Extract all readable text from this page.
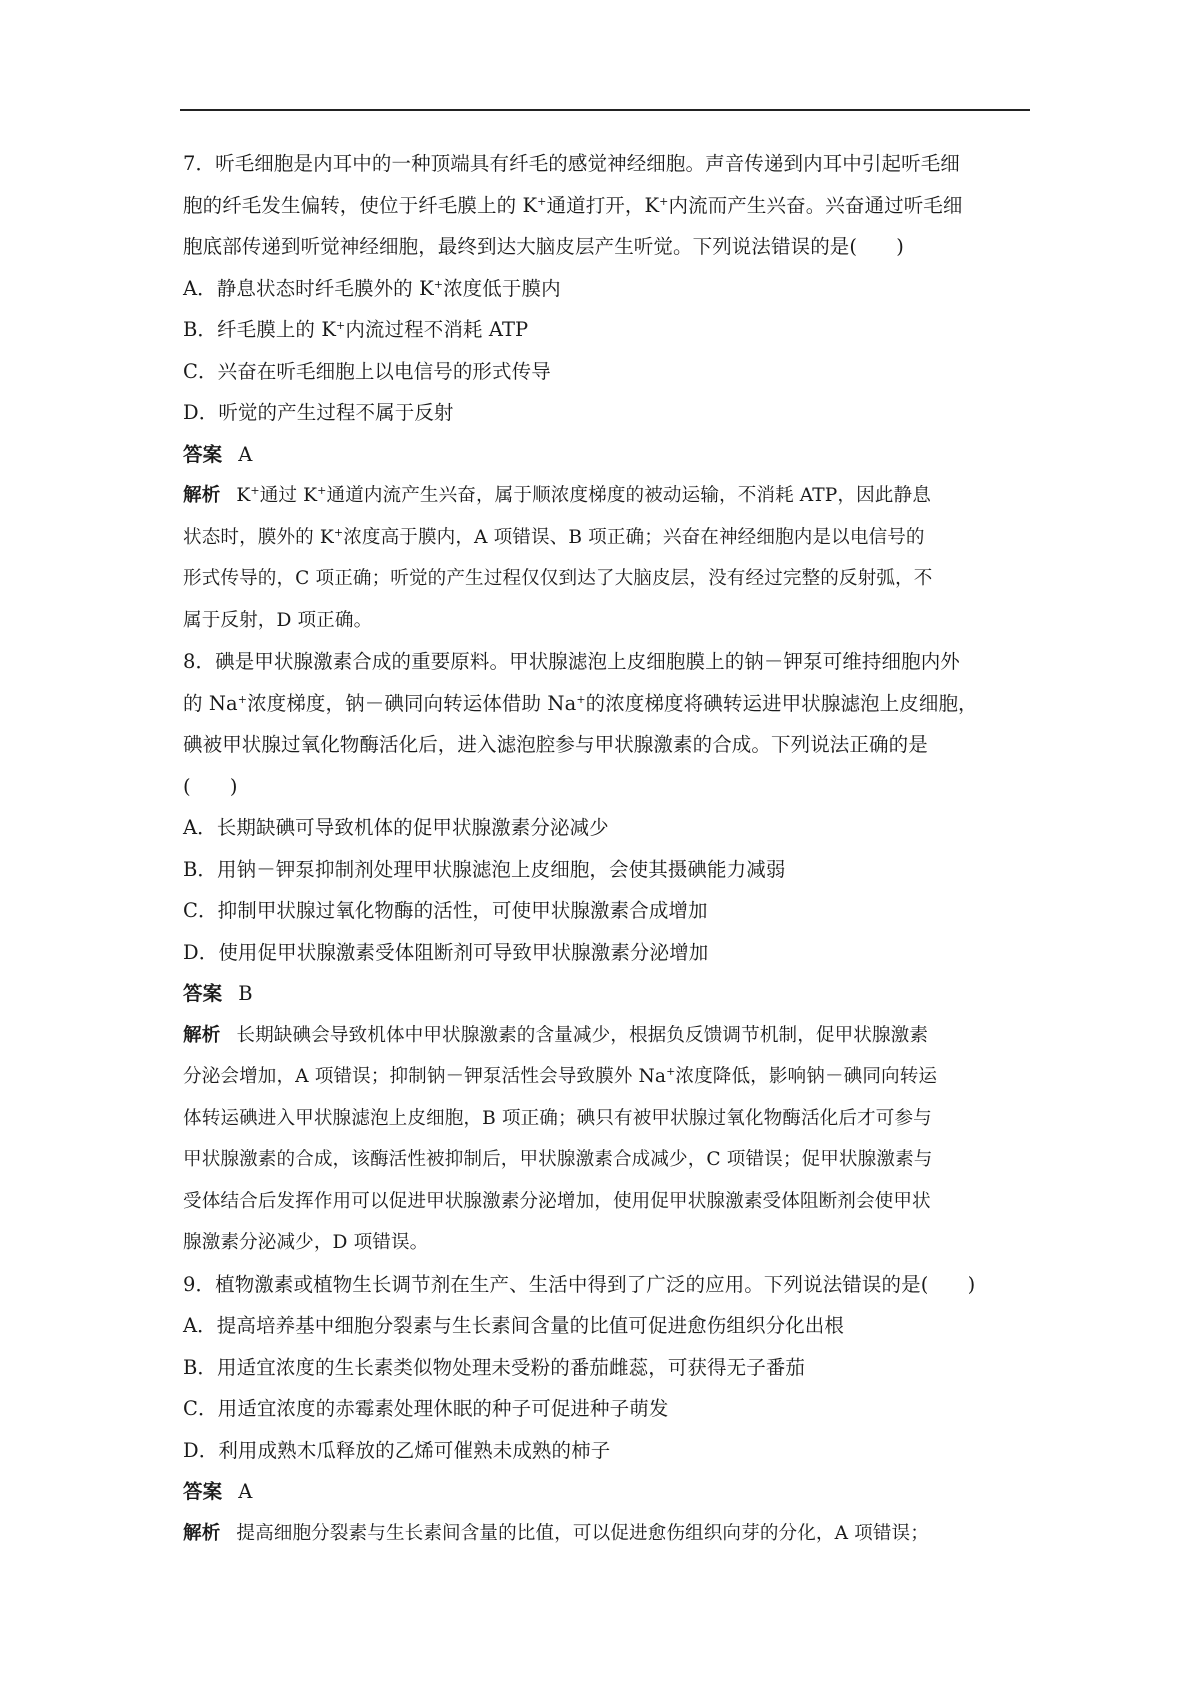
7．听毛细胞是内耳中的一种顶端具有纤毛的感觉神经细胞。声音传递到内耳中引起听毛细
胞的纤毛发生偏转，使位于纤毛膜上的 K+通道打开，K+内流而产生兴奋。兴奋通过听毛细
胞底部传递到听觉神经细胞，最终到达大脑皮层产生听觉。下列说法错误的是(　　)
A．静息状态时纤毛膜外的 K+浓度低于膜内
B．纤毛膜上的 K+内流过程不消耗 ATP
C．兴奋在听毛细胞上以电信号的形式传导
D．听觉的产生过程不属于反射
答案 A
解析 K+通过 K+通道内流产生兴奋，属于顺浓度梯度的被动运输，不消耗 ATP，因此静息
状态时，膜外的 K+浓度高于膜内，A 项错误、B 项正确；兴奋在神经细胞内是以电信号的
形式传导的，C 项正确；听觉的产生过程仅仅到达了大脑皮层，没有经过完整的反射弧，不
属于反射，D 项正确。
8．碘是甲状腺激素合成的重要原料。甲状腺滤泡上皮细胞膜上的钠－钾泵可维持细胞内外
的 Na+浓度梯度，钠－碘同向转运体借助 Na+的浓度梯度将碘转运进甲状腺滤泡上皮细胞，
碘被甲状腺过氧化物酶活化后，进入滤泡腔参与甲状腺激素的合成。下列说法正确的是
(　　)
A．长期缺碘可导致机体的促甲状腺激素分泌减少
B．用钠－钾泵抑制剂处理甲状腺滤泡上皮细胞，会使其摄碘能力减弱
C．抑制甲状腺过氧化物酶的活性，可使甲状腺激素合成增加
D．使用促甲状腺激素受体阻断剂可导致甲状腺激素分泌增加
答案 B
解析 长期缺碘会导致机体中甲状腺激素的含量减少，根据负反馈调节机制，促甲状腺激素
分泌会增加，A 项错误；抑制钠－钾泵活性会导致膜外 Na+浓度降低，影响钠－碘同向转运
体转运碘进入甲状腺滤泡上皮细胞，B 项正确；碘只有被甲状腺过氧化物酶活化后才可参与
甲状腺激素的合成，该酶活性被抑制后，甲状腺激素合成减少，C 项错误；促甲状腺激素与
受体结合后发挥作用可以促进甲状腺激素分泌增加，使用促甲状腺激素受体阻断剂会使甲状
腺激素分泌减少，D 项错误。
9．植物激素或植物生长调节剂在生产、生活中得到了广泛的应用。下列说法错误的是(　　)
A．提高培养基中细胞分裂素与生长素间含量的比值可促进愈伤组织分化出根
B．用适宜浓度的生长素类似物处理未受粉的番茄雌蕊，可获得无子番茄
C．用适宜浓度的赤霉素处理休眠的种子可促进种子萌发
D．利用成熟木瓜释放的乙烯可催熟未成熟的柿子
答案 A
解析 提高细胞分裂素与生长素间含量的比值，可以促进愈伤组织向芽的分化，A 项错误；
